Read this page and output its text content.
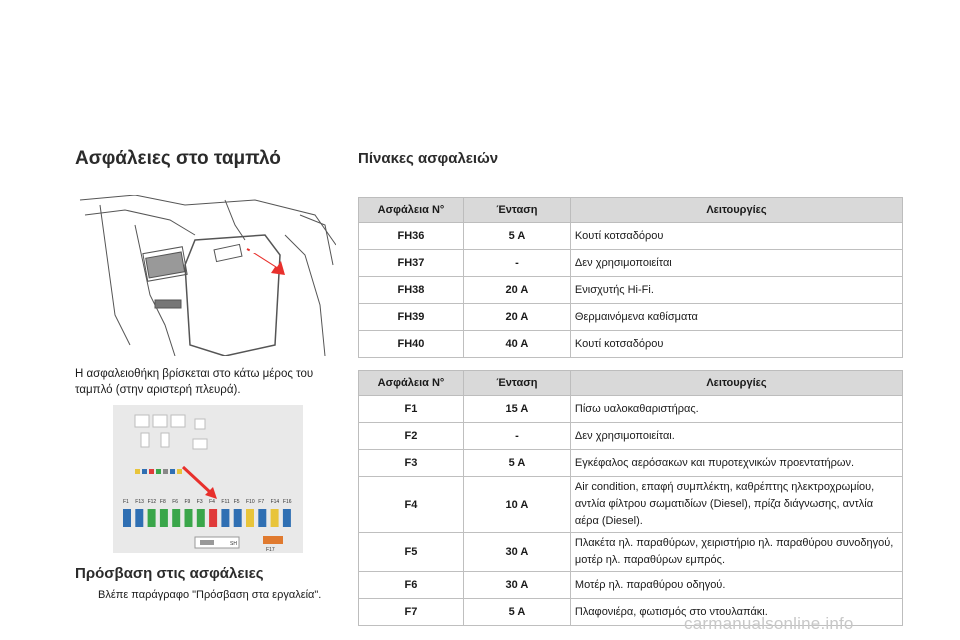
Ασφάλειες στο ταμπλό
Η ασφαλειοθήκη βρίσκεται στο κάτω μέρος του ταμπλό (στην αριστερή πλευρά).
F1 F13 F12 F8 F6 F9 F3 F4 F11 F5 F10 F7 F14 F16
SH
F17
Πρόσβαση στις ασφάλειες
Βλέπε παράγραφο "Πρόσβαση στα εργαλεία".
Πίνακες ασφαλειών
Ασφάλεια N°	Ένταση	Λειτουργίες
FH36	5 A	Κουτί κοτσαδόρου
FH37	-	Δεν χρησιμοποιείται
FH38	20 A	Ενισχυτής Hi-Fi.
FH39	20 A	Θερμαινόμενα καθίσματα
FH40	40 A	Κουτί κοτσαδόρου
Ασφάλεια N°	Ένταση	Λειτουργίες
F1	15 A	Πίσω υαλοκαθαριστήρας.
F2	-	Δεν χρησιμοποιείται.
F3	5 A	Εγκέφαλος αερόσακων και πυροτεχνικών προεντατήρων.
F4	10 A	Air condition, επαφή συμπλέκτη, καθρέπτης ηλεκτροχρωμίου, αντλία φίλτρου σωματιδίων (Diesel), πρίζα διάγνωσης, αντλία αέρα (Diesel).
F5	30 A	Πλακέτα ηλ. παραθύρων, χειριστήριο ηλ. παραθύρου συνοδηγού, μοτέρ ηλ. παραθύρων εμπρός.
F6	30 A	Μοτέρ ηλ. παραθύρου οδηγού.
F7	5 A	Πλαφονιέρα, φωτισμός στο ντουλαπάκι.
carmanualsonline.info
